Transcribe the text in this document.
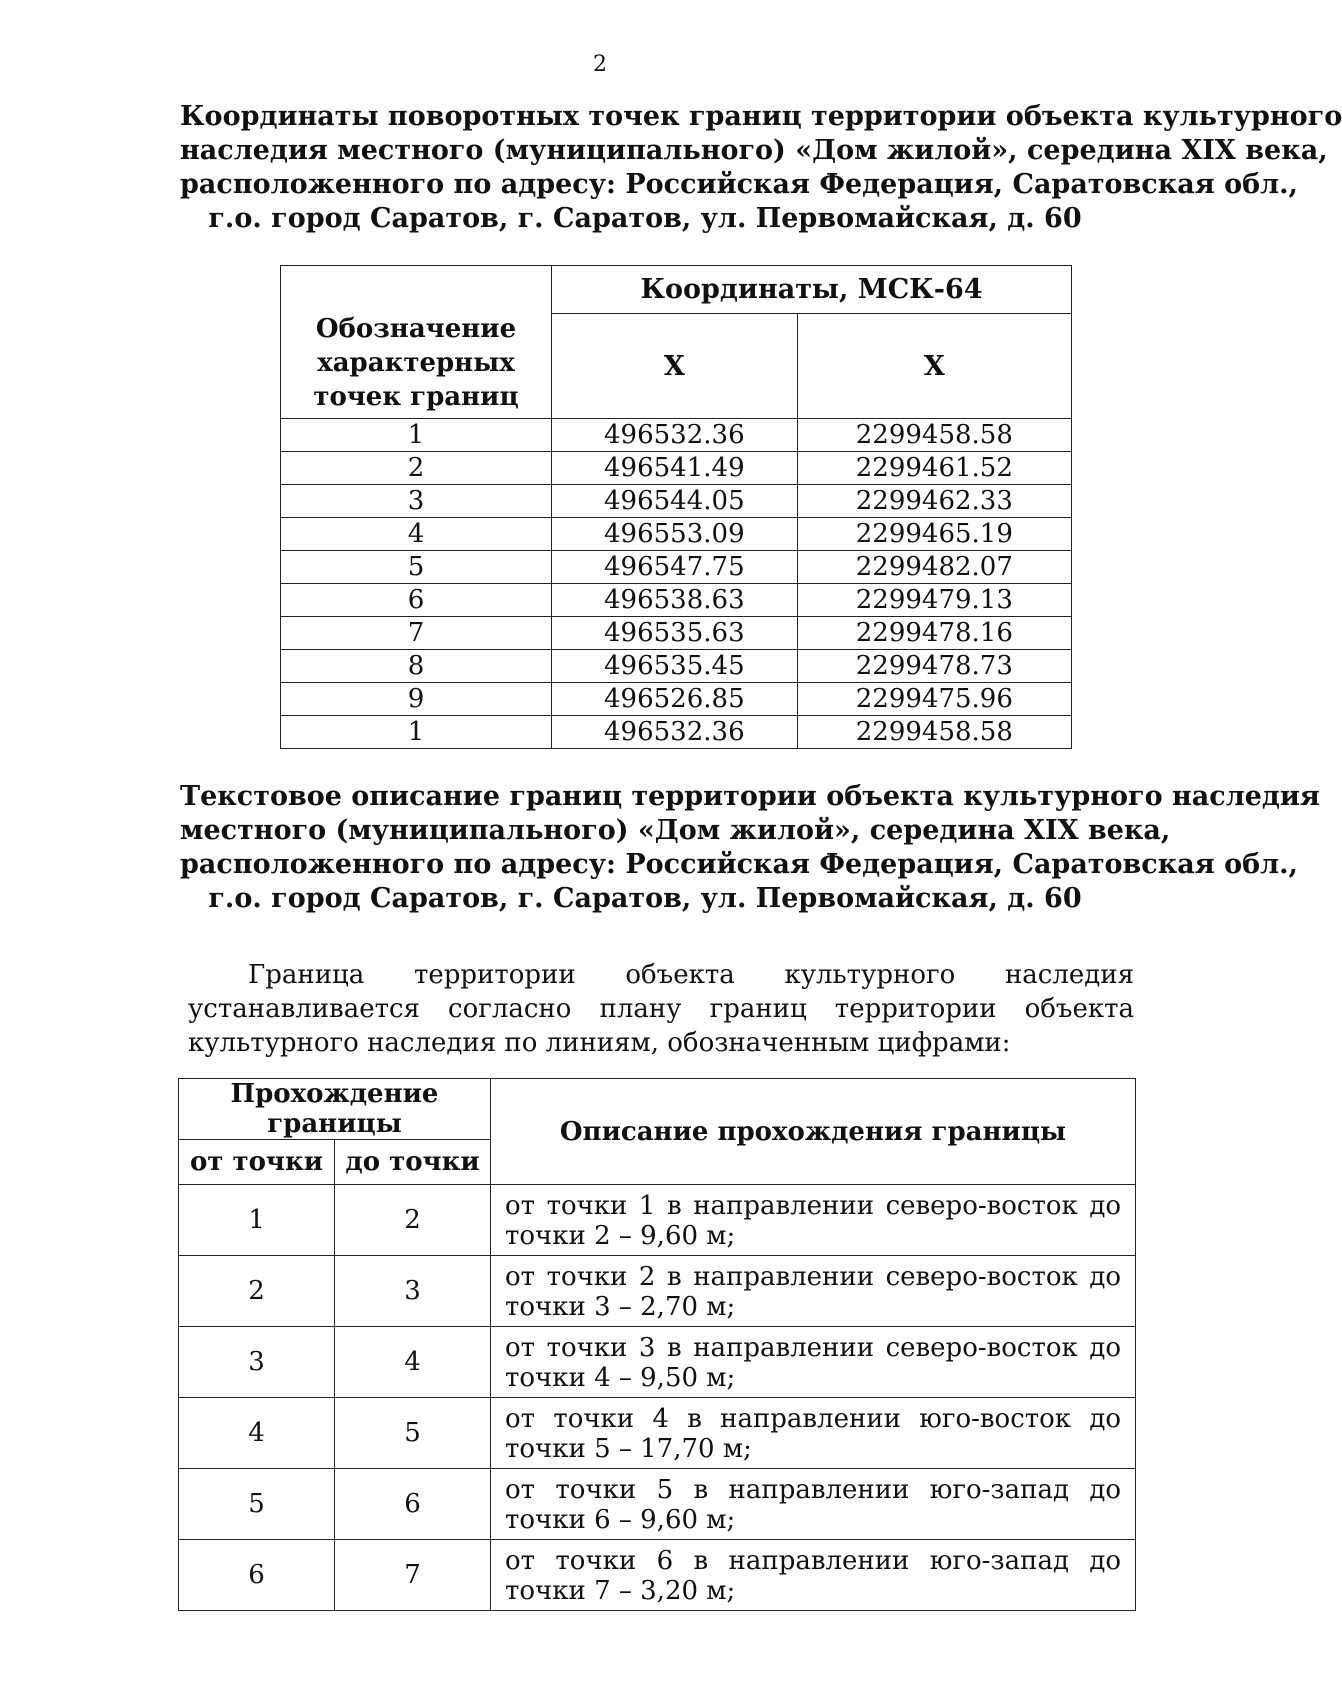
2
Координаты поворотных точек границ территории объекта культурного
наследия местного (муниципального) «Дом жилой», середина XIX века,
расположенного по адресу: Российская Федерация, Саратовская обл.,
г.о. город Саратов, г. Саратов, ул. Первомайская, д. 60
Обозначение
характерных
точек границ	Координаты, МСК-64	
	X	X
1	496532.36	2299458.58
2	496541.49	2299461.52
3	496544.05	2299462.33
4	496553.09	2299465.19
5	496547.75	2299482.07
6	496538.63	2299479.13
7	496535.63	2299478.16
8	496535.45	2299478.73
9	496526.85	2299475.96
1	496532.36	2299458.58
Текстовое описание границ территории объекта культурного наследия
местного (муниципального) «Дом жилой», середина XIX века,
расположенного по адресу: Российская Федерация, Саратовская обл.,
г.о. город Саратов, г. Саратов, ул. Первомайская, д. 60
Граница территории объекта культурного наследия устанавливается согласно плану границ территории объекта культурного наследия по линиям, обозначенным цифрами:
Прохождение границы		Описание прохождения границы
от точки	до точки	
1	2	от точки 1 в направлении северо-восток до точки 2 – 9,60 м;
2	3	от точки 2 в направлении северо-восток до точки 3 – 2,70 м;
3	4	от точки 3 в направлении северо-восток до точки 4 – 9,50 м;
4	5	от точки 4 в направлении юго-восток до точки 5 – 17,70 м;
5	6	от точки 5 в направлении юго-запад до точки 6 – 9,60 м;
6	7	от точки 6 в направлении юго-запад до точки 7 – 3,20 м;
